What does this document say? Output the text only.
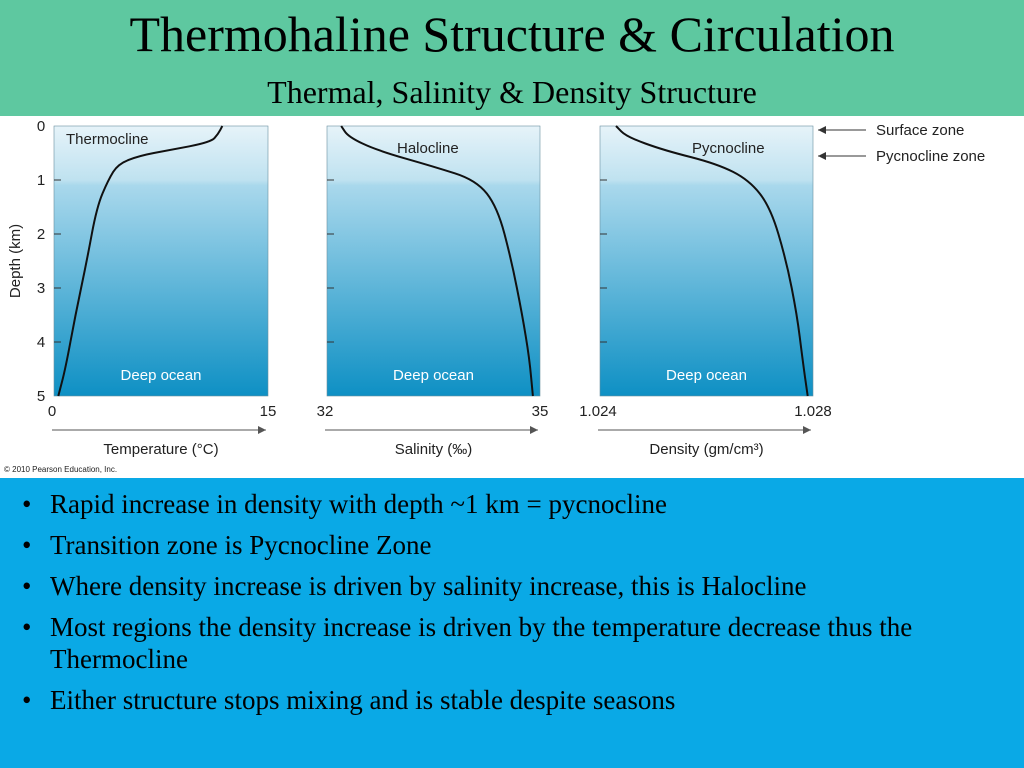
Thermohaline Structure & Circulation
Thermal, Salinity & Density Structure
Thermocline
Deep ocean
0	15
Temperature (°C)
Halocline
Deep ocean
32	35
Salinity (‰)
Pycnocline
Deep ocean
1.024	1.028
Density (gm/cm³)
0
1
2
3
4
5
Depth (km)
Surface zone
Pycnocline zone
© 2010 Pearson Education, Inc.
• Rapid increase in density with depth ~1 km = pycnocline
• Transition zone is Pycnocline Zone
• Where density increase is driven by salinity increase, this is Halocline
• Most regions the density increase is driven by the temperature decrease thus the Thermocline
• Either structure stops mixing and is stable despite seasons
